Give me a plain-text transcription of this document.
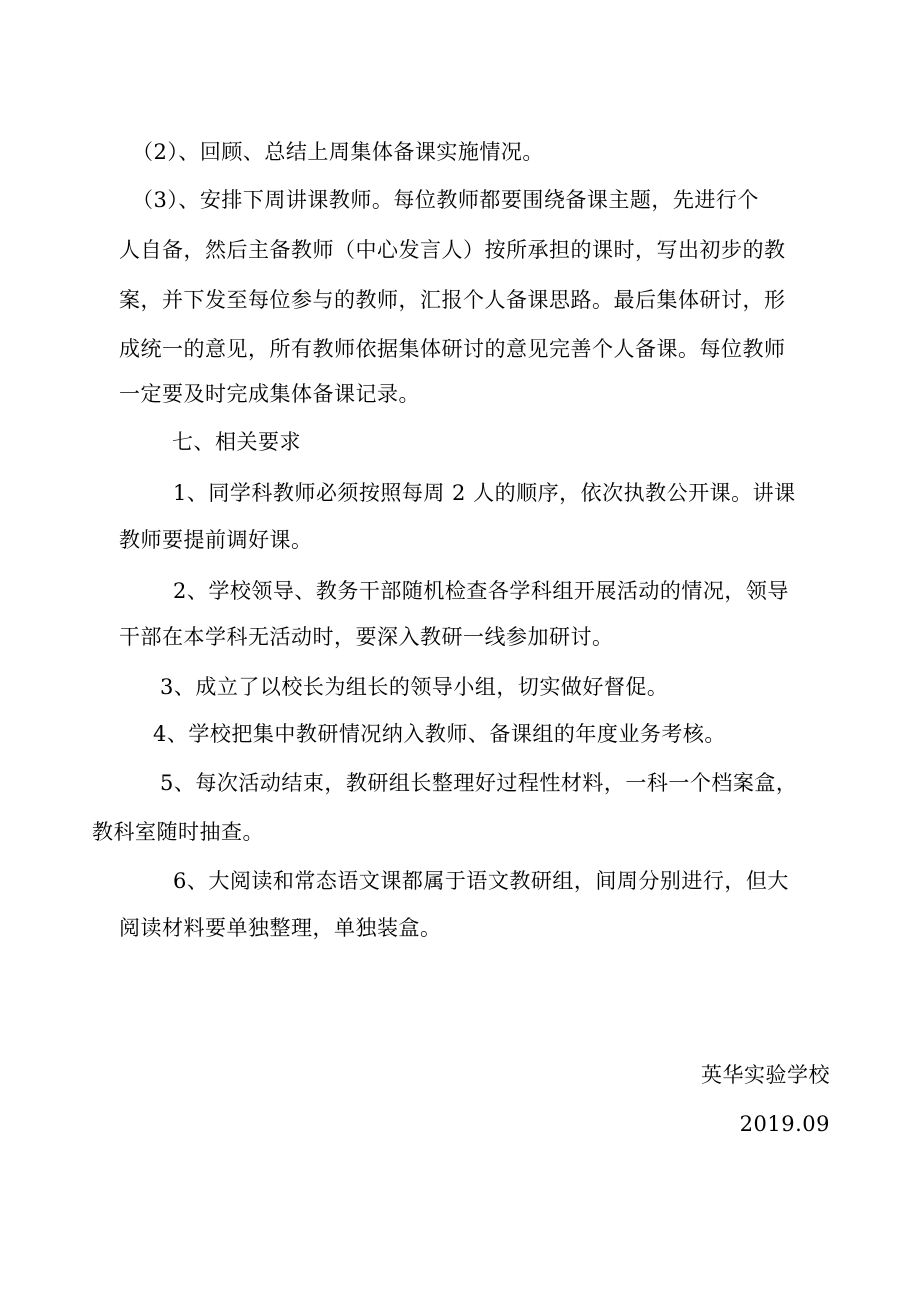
（2）、回顾、总结上周集体备课实施情况。
（3）、安排下周讲课教师。每位教师都要围绕备课主题，先进行个
人自备，然后主备教师（中心发言人）按所承担的课时，写出初步的教
案，并下发至每位参与的教师，汇报个人备课思路。最后集体研讨，形
成统一的意见，所有教师依据集体研讨的意见完善个人备课。每位教师
一定要及时完成集体备课记录。
七、相关要求
1、同学科教师必须按照每周 2 人的顺序，依次执教公开课。讲课
教师要提前调好课。
2、学校领导、教务干部随机检查各学科组开展活动的情况，领导
干部在本学科无活动时，要深入教研一线参加研讨。
3、成立了以校长为组长的领导小组，切实做好督促。
4、学校把集中教研情况纳入教师、备课组的年度业务考核。
5、每次活动结束，教研组长整理好过程性材料，一科一个档案盒，
教科室随时抽查。
6、大阅读和常态语文课都属于语文教研组，间周分别进行，但大
阅读材料要单独整理，单独装盒。
英华实验学校
2019.09
